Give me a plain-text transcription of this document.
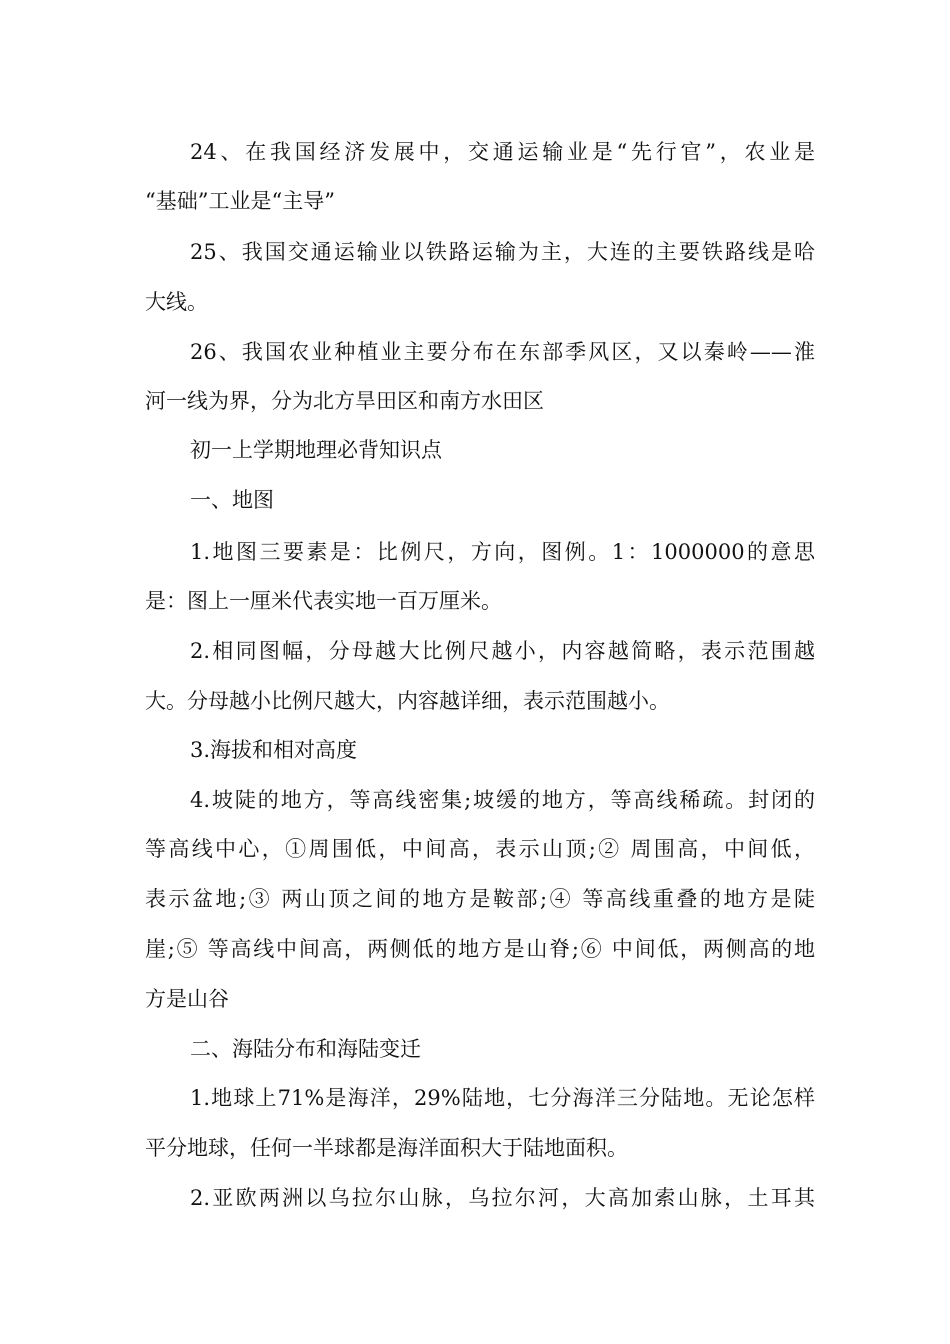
24、在我国经济发展中，交通运输业是“先行官”，农业是
“基础”工业是“主导”
25、我国交通运输业以铁路运输为主，大连的主要铁路线是哈
大线。
26、我国农业种植业主要分布在东部季风区，又以秦岭——淮
河一线为界，分为北方旱田区和南方水田区
初一上学期地理必背知识点
一、地图
1.地图三要素是：比例尺，方向，图例。1：1000000的意思
是：图上一厘米代表实地一百万厘米。
2.相同图幅，分母越大比例尺越小，内容越简略，表示范围越
大。分母越小比例尺越大，内容越详细，表示范围越小。
3.海拔和相对高度
4.坡陡的地方，等高线密集;坡缓的地方，等高线稀疏。封闭的
等高线中心，①周围低，中间高，表示山顶;② 周围高，中间低，
表示盆地;③ 两山顶之间的地方是鞍部;④ 等高线重叠的地方是陡
崖;⑤ 等高线中间高，两侧低的地方是山脊;⑥ 中间低，两侧高的地
方是山谷
二、海陆分布和海陆变迁
1.地球上71%是海洋，29%陆地，七分海洋三分陆地。无论怎样
平分地球，任何一半球都是海洋面积大于陆地面积。
2.亚欧两洲以乌拉尔山脉，乌拉尔河，大高加索山脉，土耳其
